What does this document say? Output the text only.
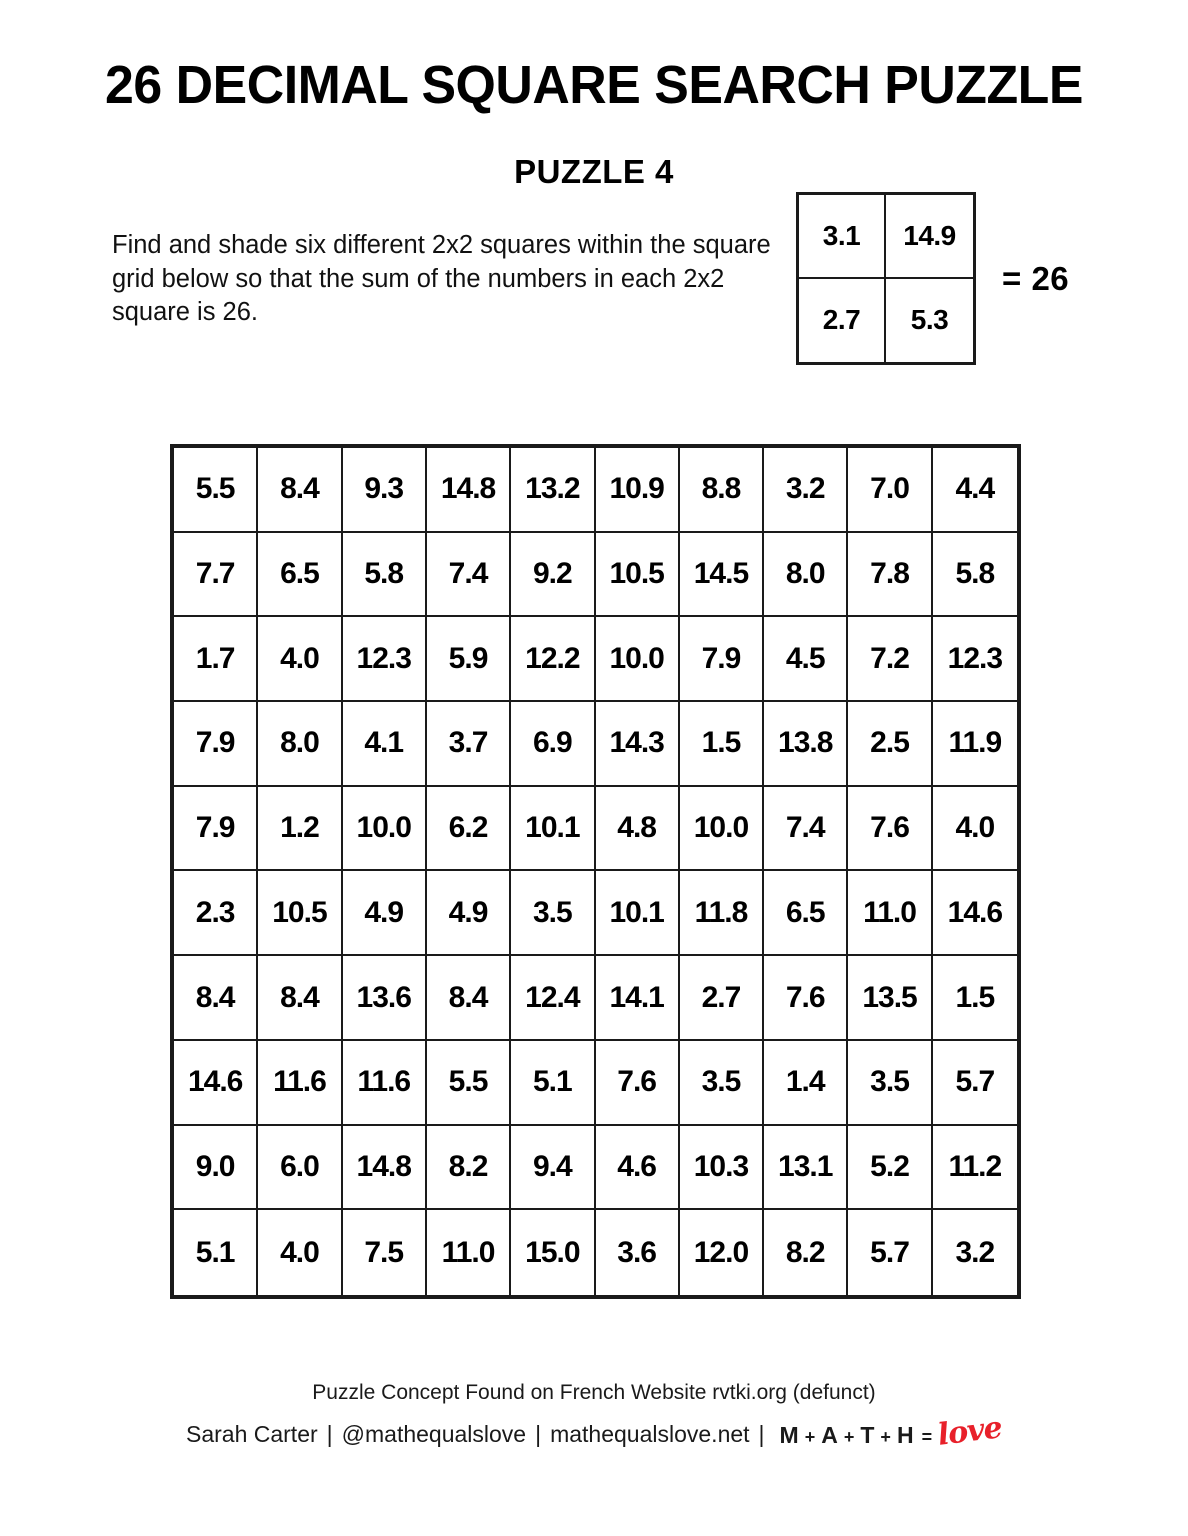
26 DECIMAL SQUARE SEARCH PUZZLE
PUZZLE 4
Find and shade six different 2x2 squares within the square grid below so that the sum of the numbers in each 2x2 square is 26.
3.1	14.9
2.7	5.3
= 26
5.5	8.4	9.3	14.8 13.2 10.9	8.8	3.2	7.0	4.4
7.7	6.5	5.8	7.4	9.2	10.5 14.5	8.0	7.8	5.8
1.7	4.0	12.3	5.9	12.2 10.0	7.9	4.5	7.2	12.3
7.9	8.0	4.1	3.7	6.9	14.3	1.5	13.8	2.5	11.9
7.9	1.2	10.0	6.2	10.1	4.8	10.0	7.4	7.6	4.0
2.3	10.5	4.9	4.9	3.5	10.1	11.8	6.5	11.0	14.6
8.4	8.4	13.6	8.4	12.4 14.1	2.7	7.6	13.5	1.5
14.6	11.6	11.6	5.5	5.1	7.6	3.5	1.4	3.5	5.7
9.0	6.0	14.8	8.2	9.4	4.6	10.3 13.1	5.2	11.2
5.1	4.0	7.5	11.0	15.0	3.6	12.0	8.2	5.7	3.2
Puzzle Concept Found on French Website rvtki.org (defunct)
Sarah Carter | @mathequalslove | mathequalslove.net | M + A + T + H = love
